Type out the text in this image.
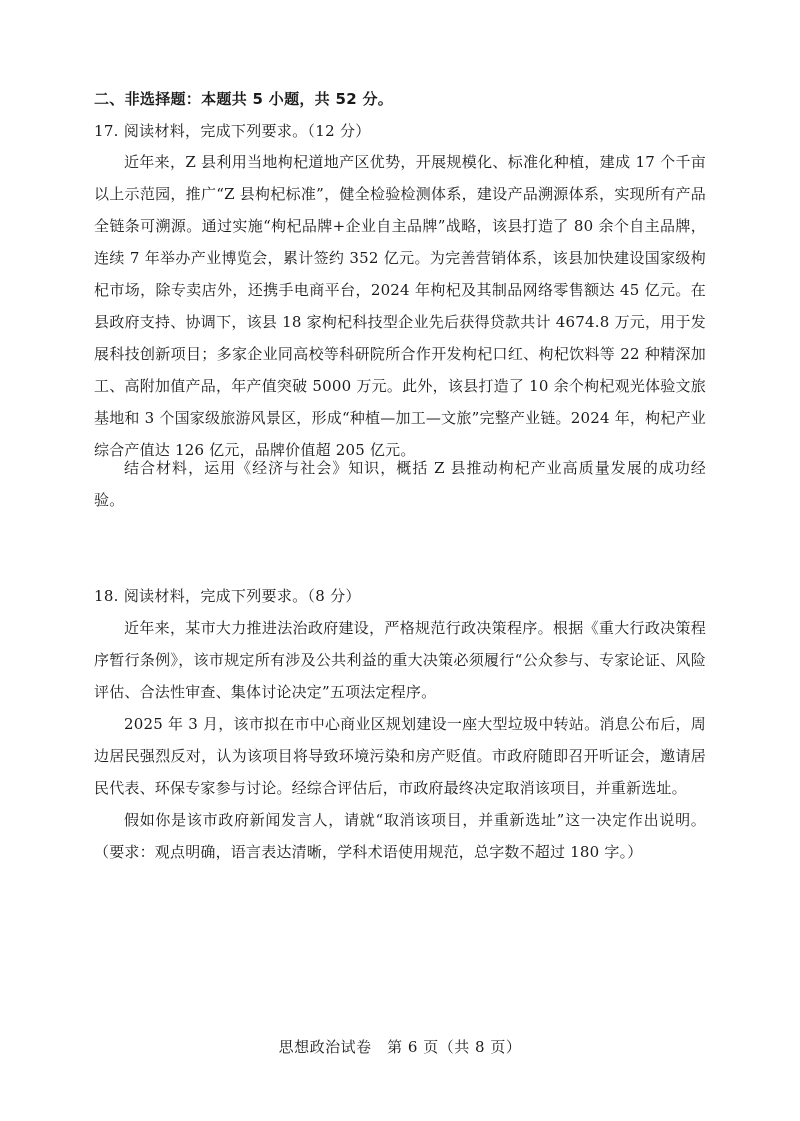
二、非选择题：本题共 5 小题，共 52 分。
17. 阅读材料，完成下列要求。（12 分）
近年来，Z 县利用当地枸杞道地产区优势，开展规模化、标准化种植，建成 17 个千亩以上示范园，推广“Z 县枸杞标准”，健全检验检测体系，建设产品溯源体系，实现所有产品全链条可溯源。通过实施“枸杞品牌+企业自主品牌”战略，该县打造了 80 余个自主品牌，连续 7 年举办产业博览会，累计签约 352 亿元。为完善营销体系，该县加快建设国家级枸杞市场，除专卖店外，还携手电商平台，2024 年枸杞及其制品网络零售额达 45 亿元。在县政府支持、协调下，该县 18 家枸杞科技型企业先后获得贷款共计 4674.8 万元，用于发展科技创新项目；多家企业同高校等科研院所合作开发枸杞口红、枸杞饮料等 22 种精深加工、高附加值产品，年产值突破 5000 万元。此外，该县打造了 10 余个枸杞观光体验文旅基地和 3 个国家级旅游风景区，形成“种植—加工—文旅”完整产业链。2024 年，枸杞产业综合产值达 126 亿元，品牌价值超 205 亿元。
结合材料，运用《经济与社会》知识，概括 Z 县推动枸杞产业高质量发展的成功经验。
18. 阅读材料，完成下列要求。（8 分）
近年来，某市大力推进法治政府建设，严格规范行政决策程序。根据《重大行政决策程序暂行条例》，该市规定所有涉及公共利益的重大决策必须履行“公众参与、专家论证、风险评估、合法性审查、集体讨论决定”五项法定程序。
2025 年 3 月，该市拟在市中心商业区规划建设一座大型垃圾中转站。消息公布后，周边居民强烈反对，认为该项目将导致环境污染和房产贬值。市政府随即召开听证会，邀请居民代表、环保专家参与讨论。经综合评估后，市政府最终决定取消该项目，并重新选址。
假如你是该市政府新闻发言人，请就“取消该项目，并重新选址”这一决定作出说明。（要求：观点明确，语言表达清晰，学科术语使用规范，总字数不超过 180 字。）
思想政治试卷　第 6 页（共 8 页）
